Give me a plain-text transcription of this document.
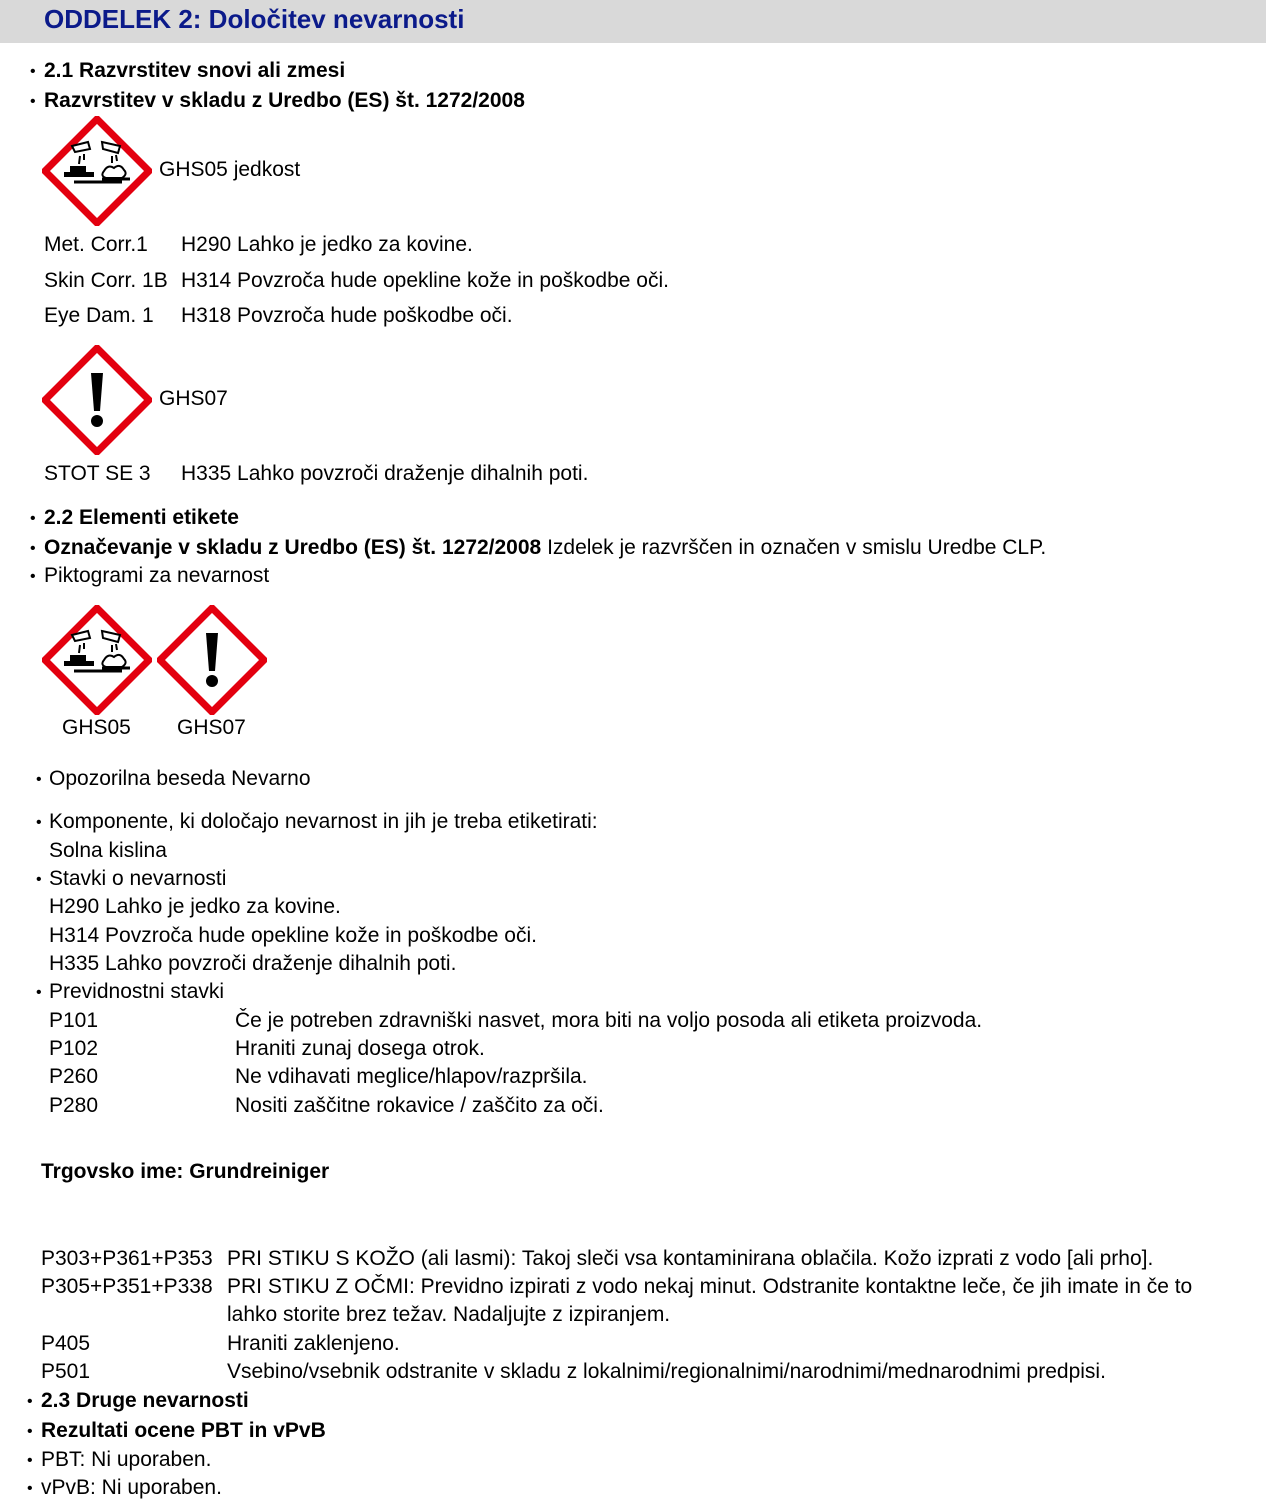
ODDELEK 2: Določitev nevarnosti
• 2.1 Razvrstitev snovi ali zmesi
• Razvrstitev v skladu z Uredbo (ES) št. 1272/2008
GHS05 jedkost
Met. Corr.1 H290 Lahko je jedko za kovine.
Skin Corr. 1B H314 Povzroča hude opekline kože in poškodbe oči.
Eye Dam. 1 H318 Povzroča hude poškodbe oči.
GHS07
STOT SE 3 H335 Lahko povzroči draženje dihalnih poti.
• 2.2 Elementi etikete
• Označevanje v skladu z Uredbo (ES) št. 1272/2008 Izdelek je razvrščen in označen v smislu Uredbe CLP.
• Piktogrami za nevarnost
GHS05 GHS07
• Opozorilna beseda Nevarno
• Komponente, ki določajo nevarnost in jih je treba etiketirati:
Solna kislina
• Stavki o nevarnosti
H290 Lahko je jedko za kovine.
H314 Povzroča hude opekline kože in poškodbe oči.
H335 Lahko povzroči draženje dihalnih poti.
• Previdnostni stavki
P101	Če je potreben zdravniški nasvet, mora biti na voljo posoda ali etiketa proizvoda.
P102	Hraniti zunaj dosega otrok.
P260	Ne vdihavati meglice/hlapov/razpršila.
P280	Nositi zaščitne rokavice / zaščito za oči.
Trgovsko ime: Grundreiniger
P303+P361+P353 PRI STIKU S KOŽO (ali lasmi): Takoj sleči vsa kontaminirana oblačila. Kožo izprati z vodo [ali prho].
P305+P351+P338 PRI STIKU Z OČMI: Previdno izpirati z vodo nekaj minut. Odstranite kontaktne leče, če jih imate in če to
lahko storite brez težav. Nadaljujte z izpiranjem.
P405	Hraniti zaklenjeno.
P501	Vsebino/vsebnik odstranite v skladu z lokalnimi/regionalnimi/narodnimi/mednarodnimi predpisi.
• 2.3 Druge nevarnosti
• Rezultati ocene PBT in vPvB
• PBT: Ni uporaben.
• vPvB: Ni uporaben.
